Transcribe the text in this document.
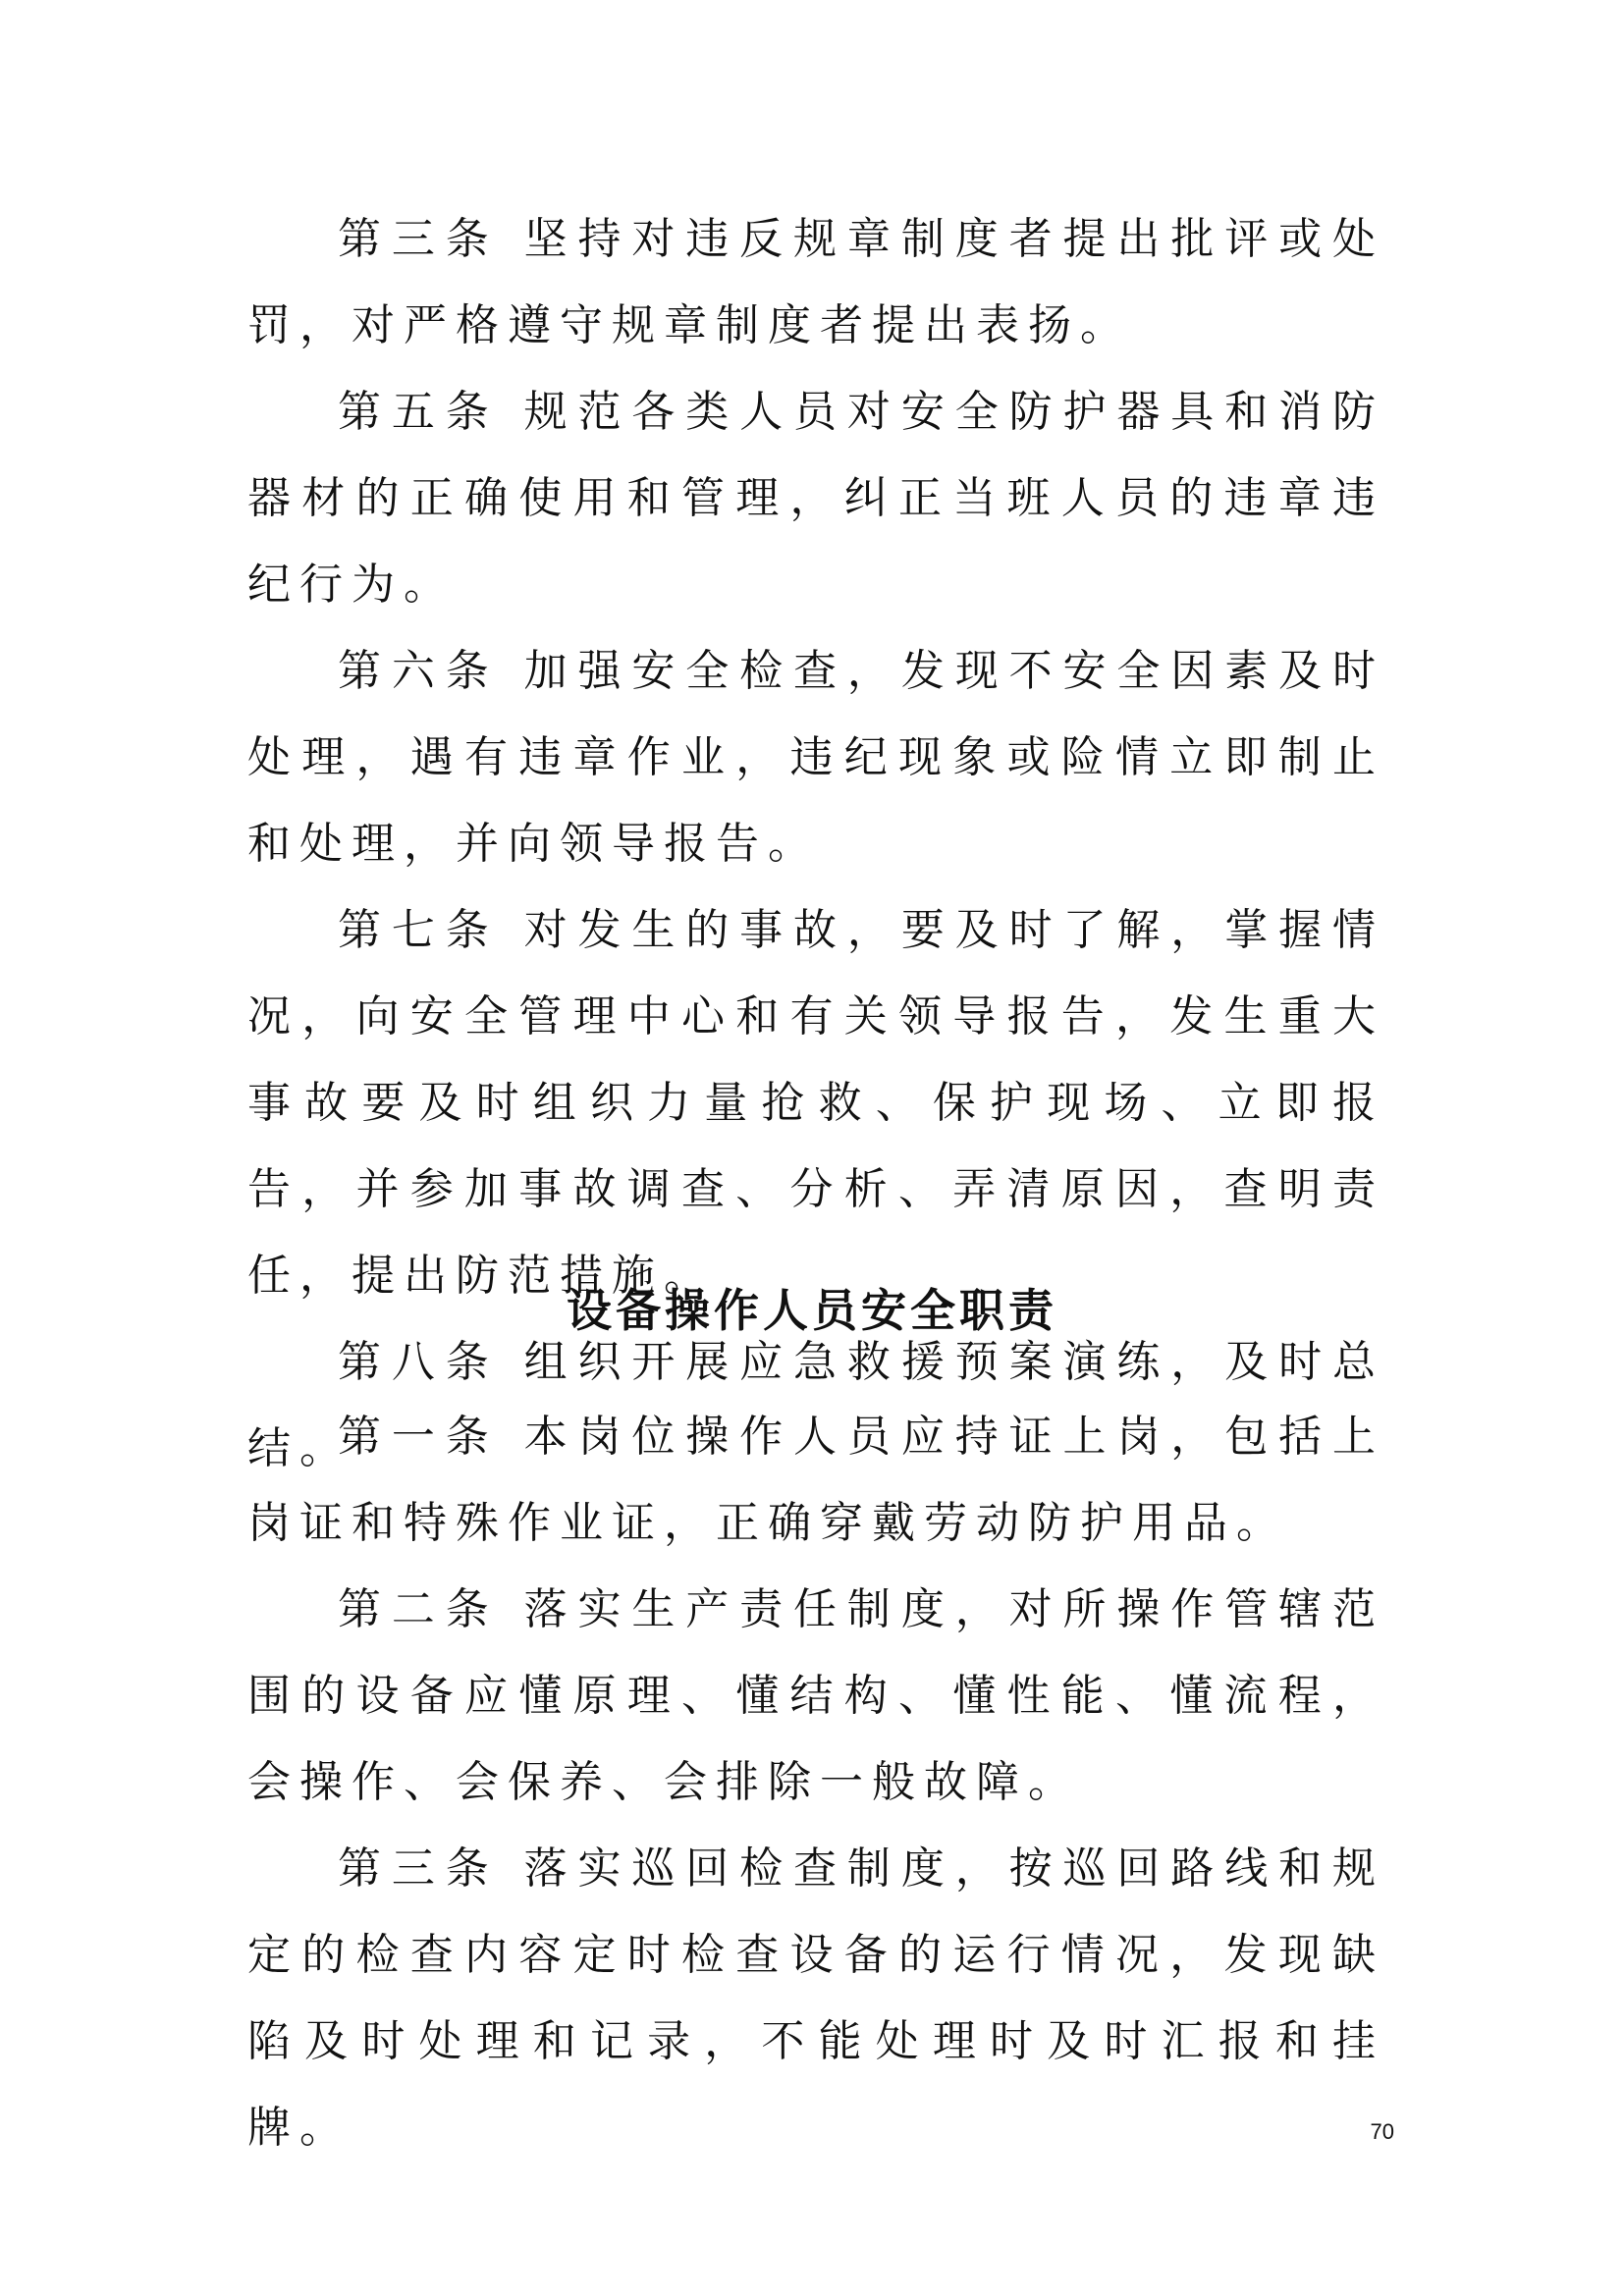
第三条 坚持对违反规章制度者提出批评或处罚，对严格遵守规章制度者提出表扬。

第五条 规范各类人员对安全防护器具和消防器材的正确使用和管理，纠正当班人员的违章违纪行为。

第六条 加强安全检查，发现不安全因素及时处理，遇有违章作业，违纪现象或险情立即制止和处理，并向领导报告。

第七条 对发生的事故，要及时了解，掌握情况，向安全管理中心和有关领导报告，发生重大事故要及时组织力量抢救、保护现场、立即报告，并参加事故调查、分析、弄清原因，查明责任，提出防范措施。

第八条 组织开展应急救援预案演练，及时总结。

设备操作人员安全职责

第一条 本岗位操作人员应持证上岗，包括上岗证和特殊作业证，正确穿戴劳动防护用品。

第二条 落实生产责任制度，对所操作管辖范围的设备应懂原理、懂结构、懂性能、懂流程，会操作、会保养、会排除一般故障。

第三条 落实巡回检查制度，按巡回路线和规定的检查内容定时检查设备的运行情况，发现缺陷及时处理和记录，不能处理时及时汇报和挂牌。	70
